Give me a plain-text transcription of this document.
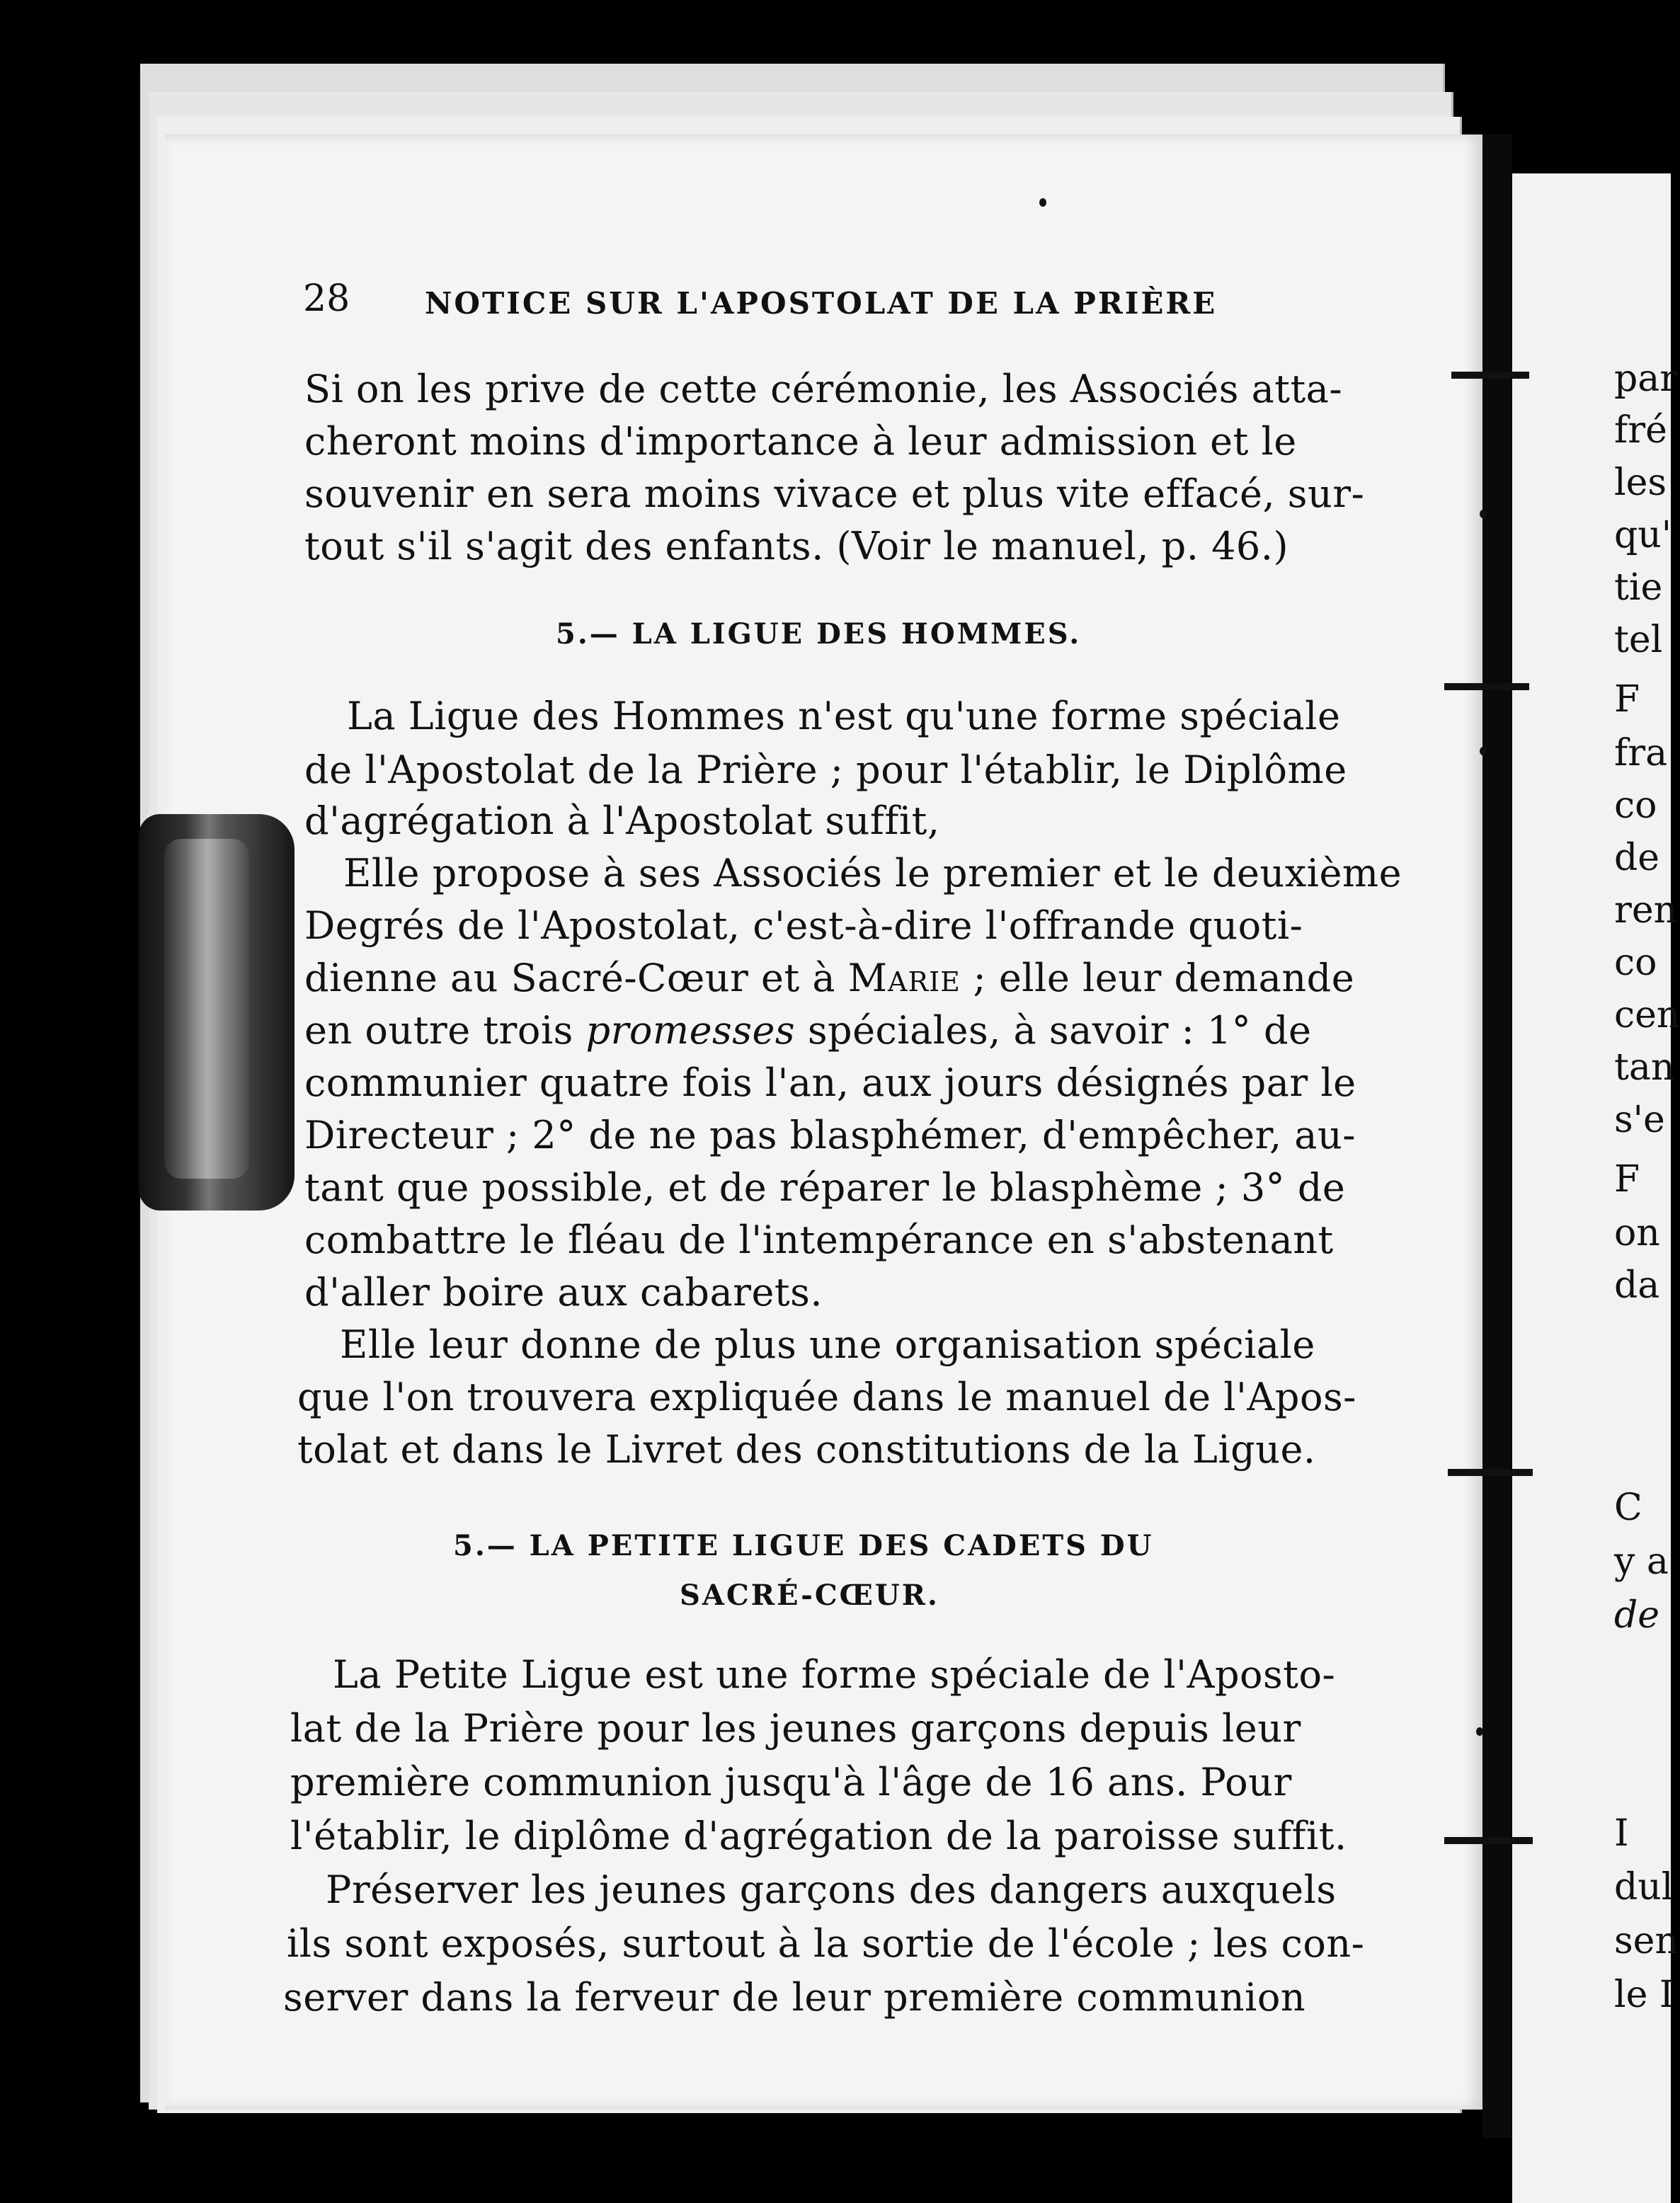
28	NOTICE SUR L'APOSTOLAT DE LA PRIÈRE
Si on les prive de cette cérémonie, les Associés atta-
cheront moins d'importance à leur admission et le
souvenir en sera moins vivace et plus vite effacé, sur-
tout s'il s'agit des enfants. (Voir le manuel, p. 46.)
5.— LA LIGUE DES HOMMES.
La Ligue des Hommes n'est qu'une forme spéciale
de l'Apostolat de la Prière ; pour l'établir, le Diplôme
d'agrégation à l'Apostolat suffit,
Elle propose à ses Associés le premier et le deuxième
Degrés de l'Apostolat, c'est-à-dire l'offrande quoti-
dienne au Sacré-Cœur et à Marie ; elle leur demande
en outre trois promesses spéciales, à savoir : 1° de
communier quatre fois l'an, aux jours désignés par le
Directeur ; 2° de ne pas blasphémer, d'empêcher, au-
tant que possible, et de réparer le blasphème ; 3° de
combattre le fléau de l'intempérance en s'abstenant
d'aller boire aux cabarets.
Elle leur donne de plus une organisation spéciale
que l'on trouvera expliquée dans le manuel de l'Apos-
tolat et dans le Livret des constitutions de la Ligue.
5.— LA PETITE LIGUE DES CADETS DU
SACRÉ-CŒUR.
La Petite Ligue est une forme spéciale de l'Aposto-
lat de la Prière pour les jeunes garçons depuis leur
première communion jusqu'à l'âge de 16 ans. Pour
l'établir, le diplôme d'agrégation de la paroisse suffit.
Préserver les jeunes garçons des dangers auxquels
ils sont exposés, surtout à la sortie de l'école ; les con-
server dans la ferveur de leur première communion
par
fré
les
qu'
tie
tel
F
fra
co
de
ren
co
cen
tan
s'e
F
on
da
C
y a
de
I
dul
sen
le I
